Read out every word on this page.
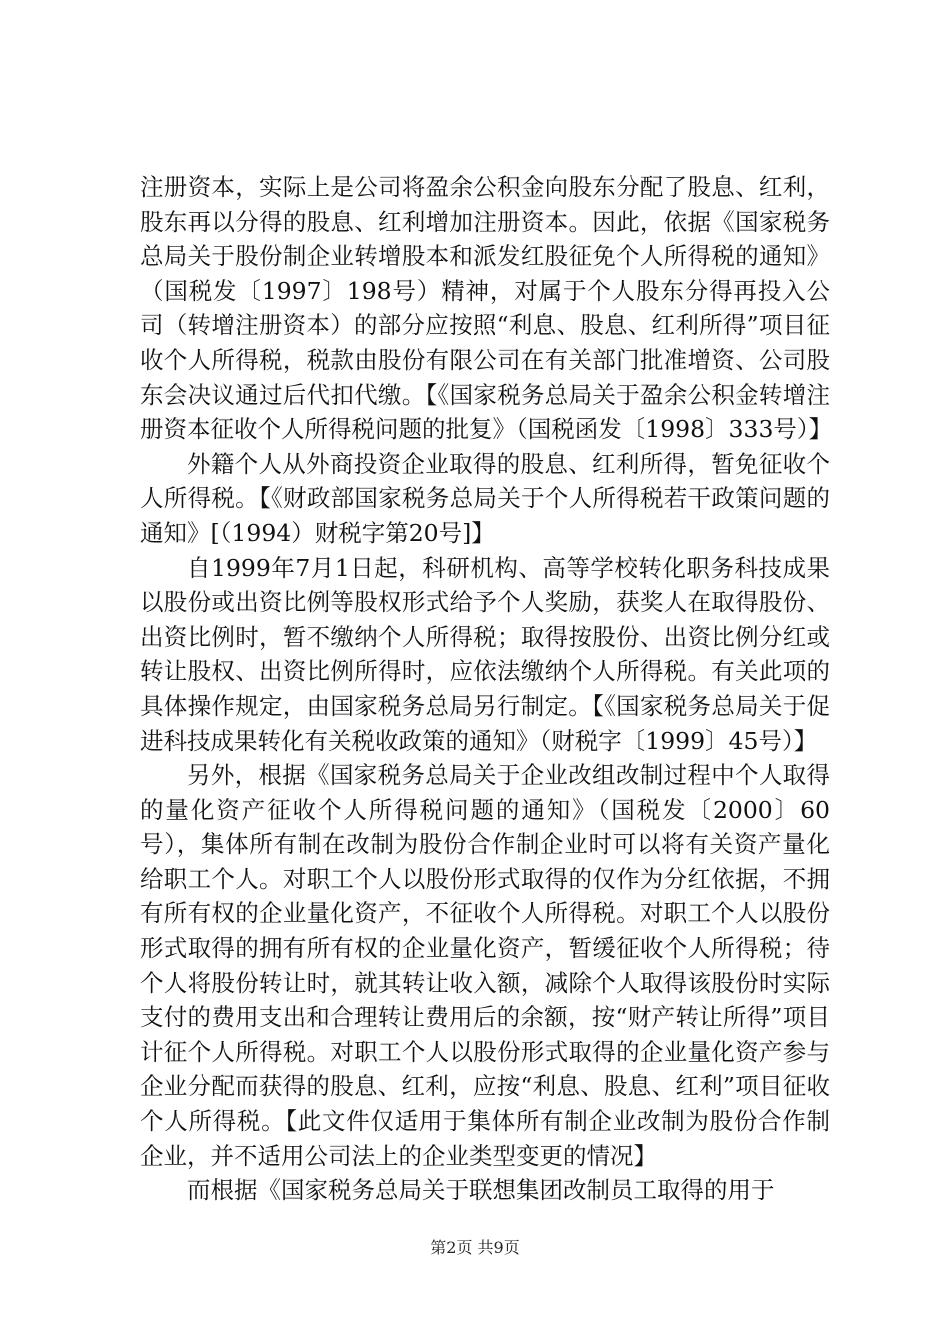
注册资本，实际上是公司将盈余公积金向股东分配了股息、红利，股东再以分得的股息、红利增加注册资本。因此，依据《国家税务总局关于股份制企业转增股本和派发红股征免个人所得税的通知》（国税发〔1997〕198号）精神，对属于个人股东分得再投入公司（转增注册资本）的部分应按照“利息、股息、红利所得”项目征收个人所得税，税款由股份有限公司在有关部门批准增资、公司股东会决议通过后代扣代缴。【《国家税务总局关于盈余公积金转增注册资本征收个人所得税问题的批复》（国税函发〔1998〕333号）】

外籍个人从外商投资企业取得的股息、红利所得，暂免征收个人所得税。【《财政部国家税务总局关于个人所得税若干政策问题的通知》[（1994）财税字第20号]】

自1999年7月1日起，科研机构、高等学校转化职务科技成果以股份或出资比例等股权形式给予个人奖励，获奖人在取得股份、出资比例时，暂不缴纳个人所得税；取得按股份、出资比例分红或转让股权、出资比例所得时，应依法缴纳个人所得税。有关此项的具体操作规定，由国家税务总局另行制定。【《国家税务总局关于促进科技成果转化有关税收政策的通知》（财税字〔1999〕45号）】

另外，根据《国家税务总局关于企业改组改制过程中个人取得的量化资产征收个人所得税问题的通知》（国税发〔2000〕60号），集体所有制在改制为股份合作制企业时可以将有关资产量化给职工个人。对职工个人以股份形式取得的仅作为分红依据，不拥有所有权的企业量化资产，不征收个人所得税。对职工个人以股份形式取得的拥有所有权的企业量化资产，暂缓征收个人所得税；待个人将股份转让时，就其转让收入额，减除个人取得该股份时实际支付的费用支出和合理转让费用后的余额，按“财产转让所得”项目计征个人所得税。对职工个人以股份形式取得的企业量化资产参与企业分配而获得的股息、红利，应按“利息、股息、红利”项目征收个人所得税。【此文件仅适用于集体所有制企业改制为股份合作制企业，并不适用公司法上的企业类型变更的情况】

而根据《国家税务总局关于联想集团改制员工取得的用于

第2页 共9页
